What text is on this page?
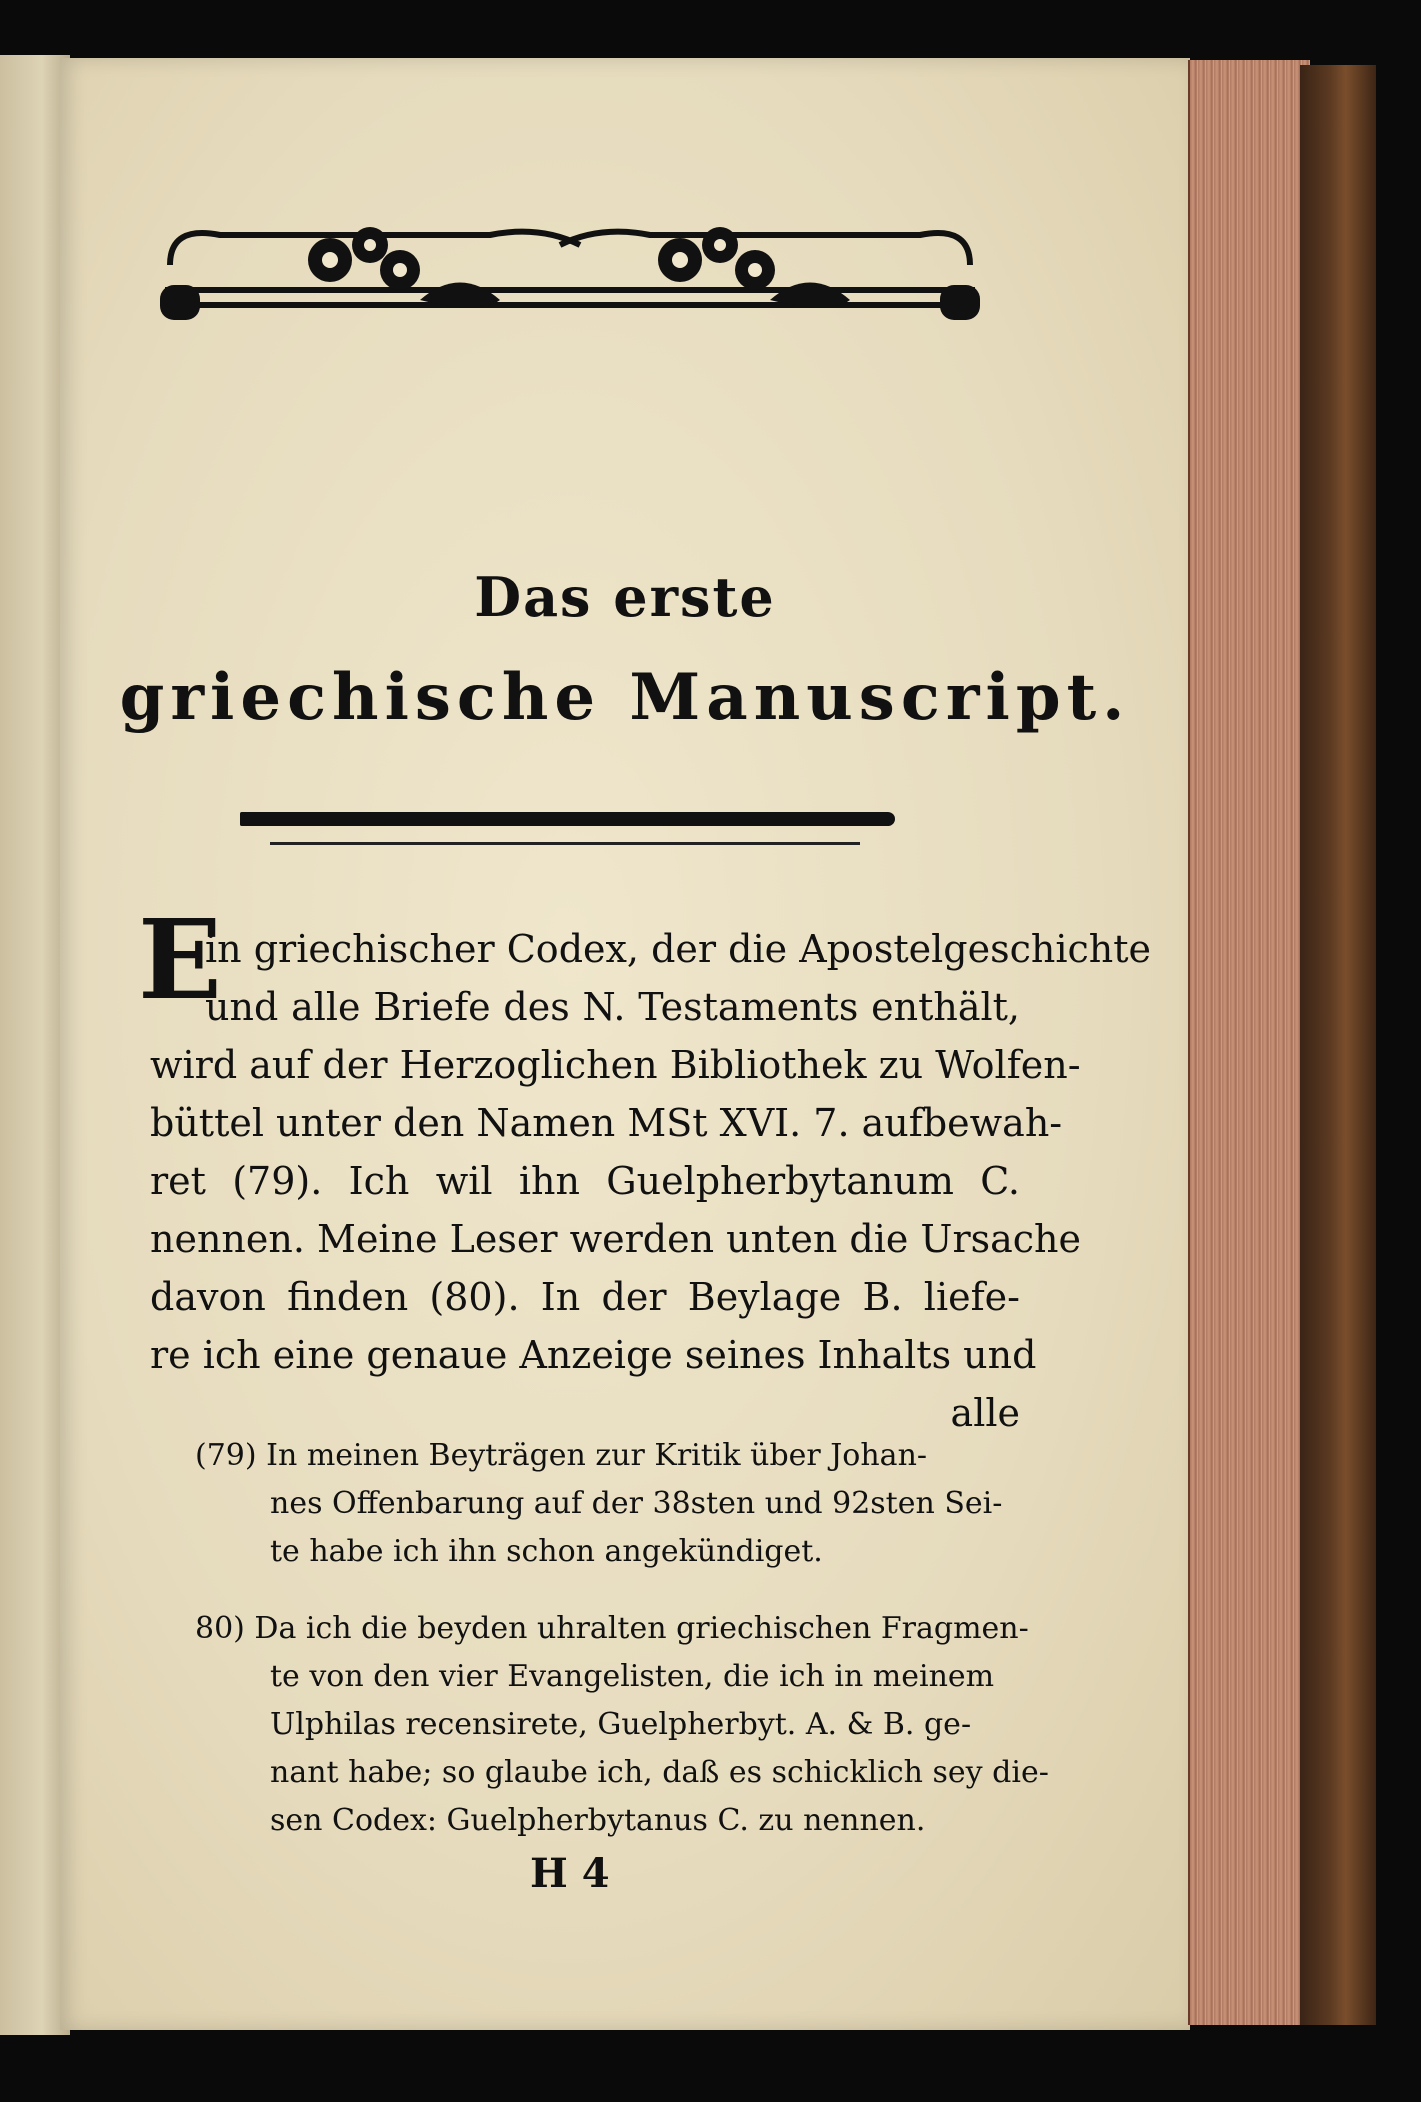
Das erste
griechische Manuscript.
E

in griechischer Codex, der die Apostelgeschichte
und alle Briefe des N. Testaments enthält,
wird auf der Herzoglichen Bibliothek zu Wolfen-
büttel unter den Namen MSt XVI. 7. aufbewah-
ret (79). Ich wil ihn Guelpherbytanum C.
nennen. Meine Leser werden unten die Ursache
davon finden (80). In der Beylage B. liefe-
re ich eine genaue Anzeige seines Inhalts und
alle

(79) In meinen Beyträgen zur Kritik über Johan-
nes Offenbarung auf der 38sten und 92sten Sei-
te habe ich ihn schon angekündiget.

80) Da ich die beyden uhralten griechischen Fragmen-
te von den vier Evangelisten, die ich in meinem
Ulphilas recensirete, Guelpherbyt. A. & B. ge-
nant habe; so glaube ich, daß es schicklich sey die-
sen Codex: Guelpherbytanus C. zu nennen.

H 4
